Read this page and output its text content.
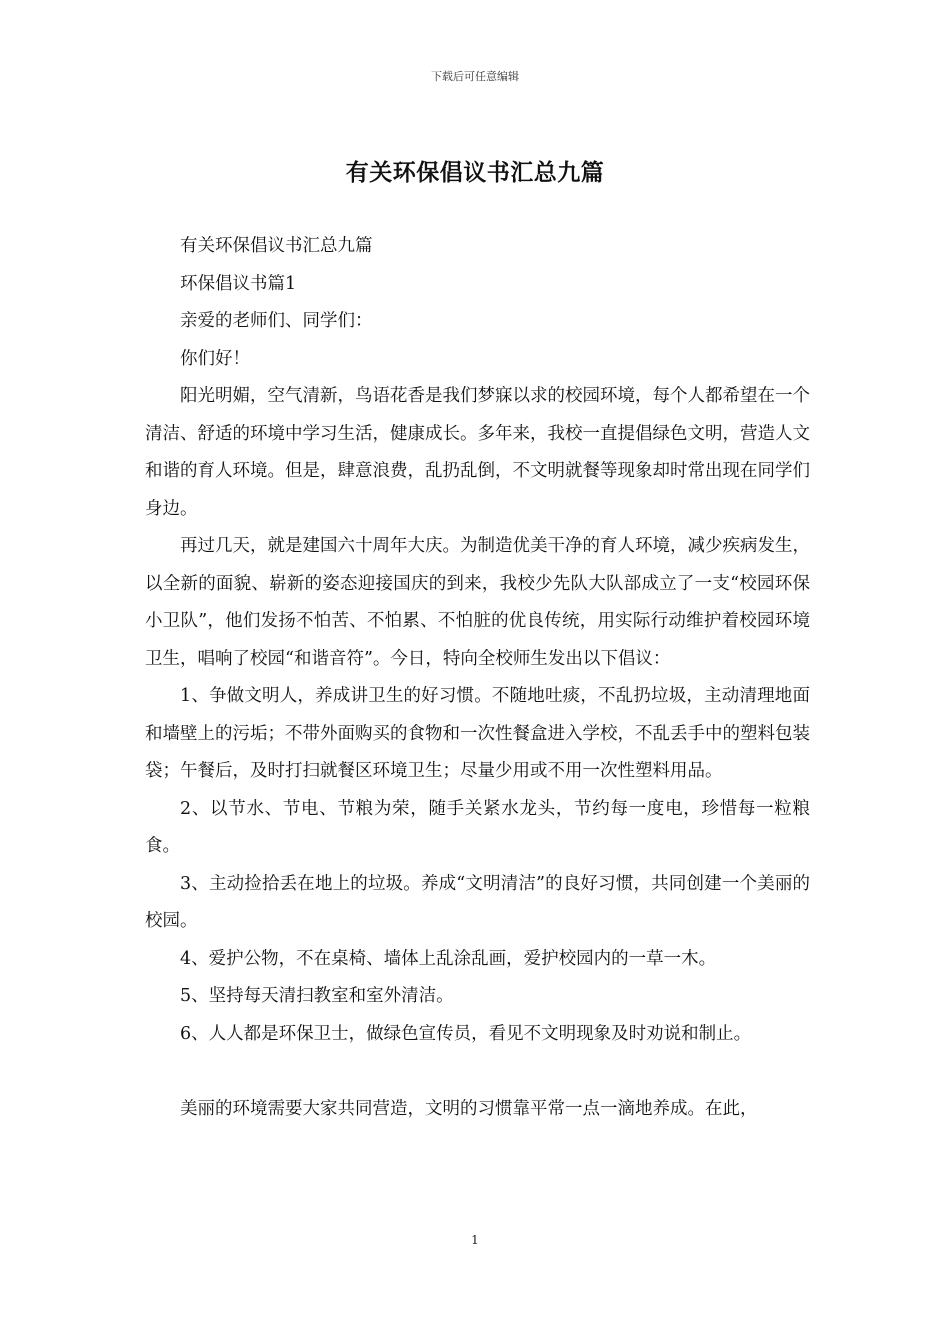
下载后可任意编辑
有关环保倡议书汇总九篇

有关环保倡议书汇总九篇

环保倡议书篇1

亲爱的老师们、同学们：

你们好！

阳光明媚，空气清新，鸟语花香是我们梦寐以求的校园环境，每个人都希望在一个清洁、舒适的环境中学习生活，健康成长。多年来，我校一直提倡绿色文明，营造人文和谐的育人环境。但是，肆意浪费，乱扔乱倒，不文明就餐等现象却时常出现在同学们身边。

再过几天，就是建国六十周年大庆。为制造优美干净的育人环境，减少疾病发生，以全新的面貌、崭新的姿态迎接国庆的到来，我校少先队大队部成立了一支“校园环保小卫队”，他们发扬不怕苦、不怕累、不怕脏的优良传统，用实际行动维护着校园环境卫生，唱响了校园“和谐音符”。今日，特向全校师生发出以下倡议：

1、争做文明人，养成讲卫生的好习惯。不随地吐痰，不乱扔垃圾，主动清理地面和墙壁上的污垢；不带外面购买的食物和一次性餐盒进入学校，不乱丢手中的塑料包装袋；午餐后，及时打扫就餐区环境卫生；尽量少用或不用一次性塑料用品。

2、以节水、节电、节粮为荣，随手关紧水龙头，节约每一度电，珍惜每一粒粮食。

3、主动捡拾丢在地上的垃圾。养成“文明清洁”的良好习惯，共同创建一个美丽的校园。

4、爱护公物，不在桌椅、墙体上乱涂乱画，爱护校园内的一草一木。

5、坚持每天清扫教室和室外清洁。

6、人人都是环保卫士，做绿色宣传员，看见不文明现象及时劝说和制止。

美丽的环境需要大家共同营造，文明的习惯靠平常一点一滴地养成。在此，

1
